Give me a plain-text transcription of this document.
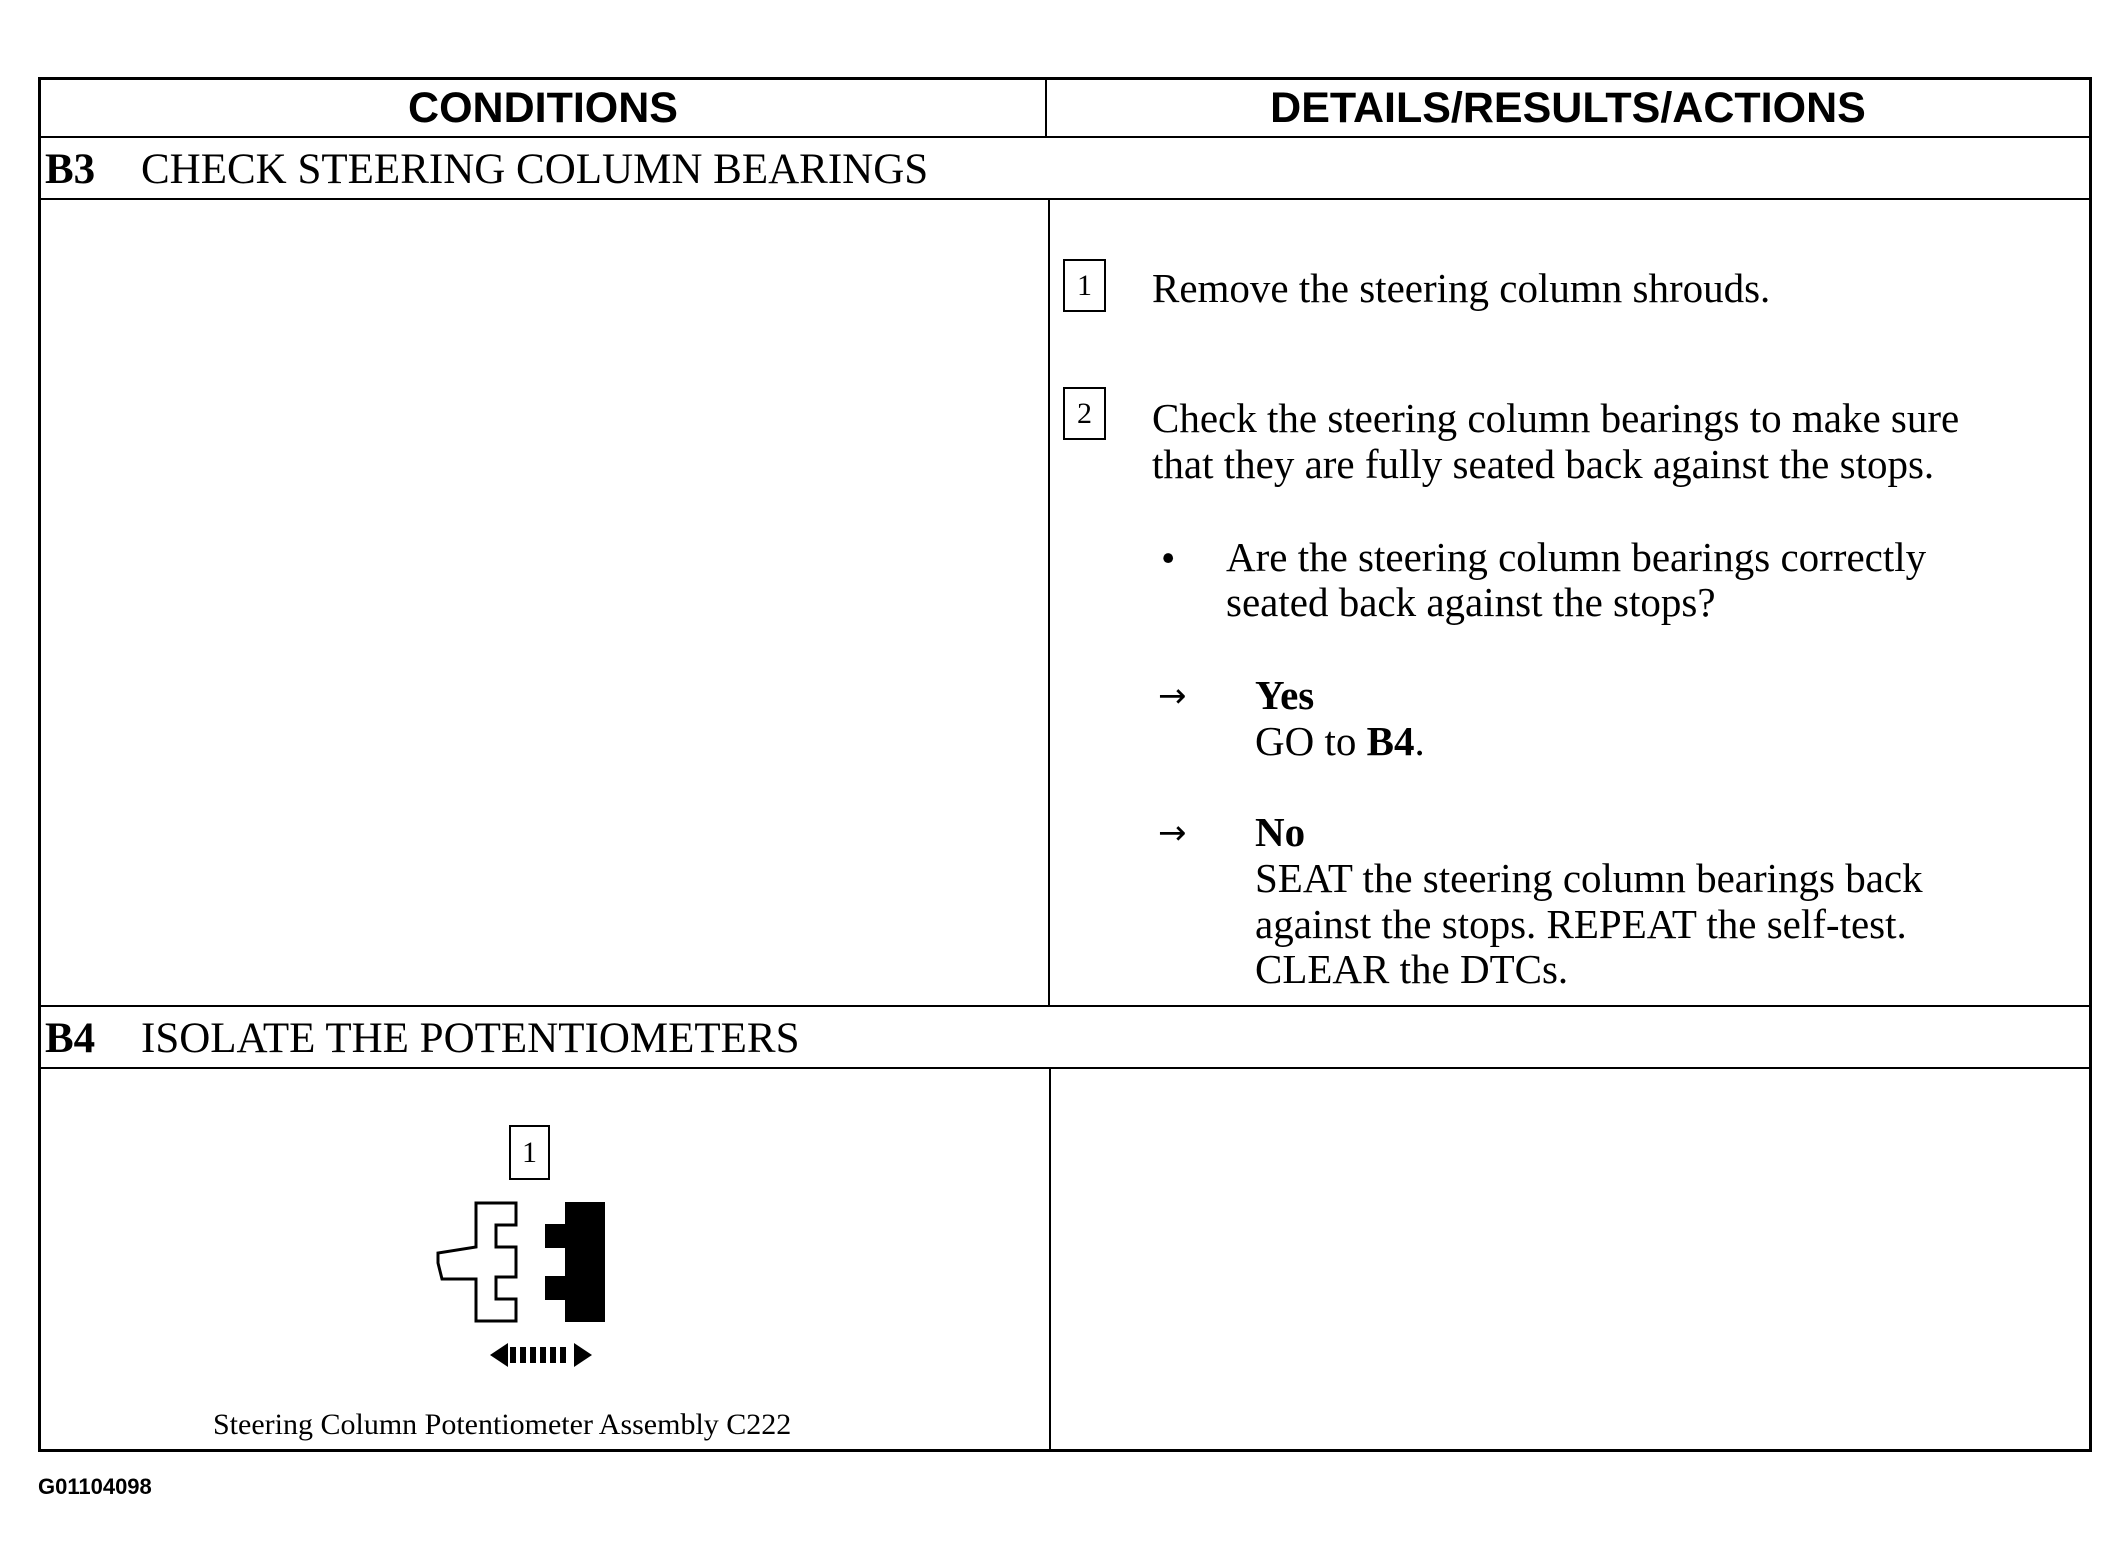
CONDITIONS	DETAILS/RESULTS/ACTIONS
B3	CHECK STEERING COLUMN BEARINGS
1	Remove the steering column shrouds.
2	Check the steering column bearings to make sure
that they are fully seated back against the stops.
• Are the steering column bearings correctly
seated back against the stops?
→ Yes
GO to B4.
→ No
SEAT the steering column bearings back
against the stops. REPEAT the self-test.
CLEAR the DTCs.
B4	ISOLATE THE POTENTIOMETERS
1
Steering Column Potentiometer Assembly C222
G01104098
